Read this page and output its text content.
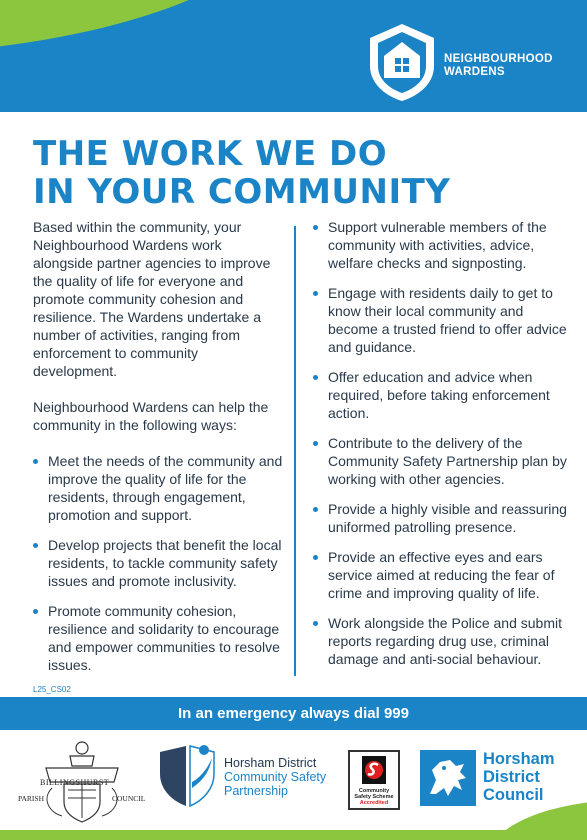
NEIGHBOURHOOD
WARDENS
THE WORK WE DO
IN YOUR COMMUNITY

Based within the community, your Neighbourhood Wardens work alongside partner agencies to improve the quality of life for everyone and promote community cohesion and resilience. The Wardens undertake a number of activities, ranging from enforcement to community development.

Neighbourhood Wardens can help the community in the following ways:

Meet the needs of the community and improve the quality of life for the residents, through engagement, promotion and support.
Develop projects that benefit the local residents, to tackle community safety issues and promote inclusivity.
Promote community cohesion, resilience and solidarity to encourage and empower communities to resolve issues.
Support vulnerable members of the community with activities, advice, welfare checks and signposting.
Engage with residents daily to get to know their local community and become a trusted friend to offer advice and guidance.
Offer education and advice when required, before taking enforcement action.
Contribute to the delivery of the Community Safety Partnership plan by working with other agencies.
Provide a highly visible and reassuring uniformed patrolling presence.
Provide an effective eyes and ears service aimed at reducing the fear of crime and improving quality of life.
Work alongside the Police and submit reports regarding drug use, criminal damage and anti-social behaviour.
L25_CS02
In an emergency always dial 999
BILLINGSHURST
PARISH	COUNCIL
Horsham District
Community Safety
Partnership	Community
Safety Scheme
Accredited
Horsham
District
Council
